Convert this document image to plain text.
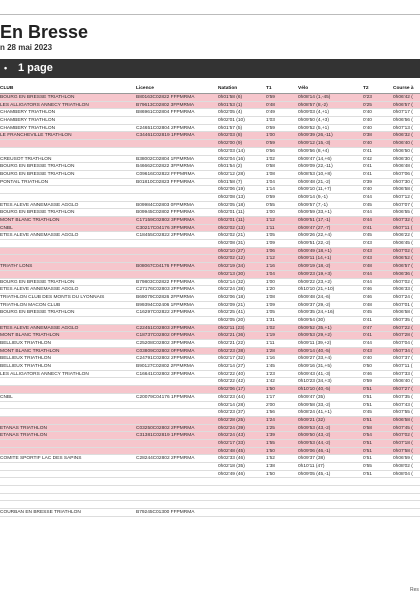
En Bresse
n 28 mai 2023
• 1 page
CLUB	Licence	Natation	T1	Vélo	T2	Course à
BOURG EN BRESSE TRIATHLON	B80163C02822 FFPMRMA	0h01'58 (6)	0'59	0h08'14 (1,-45)	0'23	0h06'42 (
LES ALLIGATORS ANNECY TRIATHLON	B79613C02802 3FPMRMA	0h01'53 (1)	0'48	0h08'57 (8,-2)	0'25	0h06'57 (
CHAMBERY TRIATHLON	B86961C02804 FFPMRMA	0h02'05 (4)	0'49	0h09'03 (4,+1)	0'40	0h07'17 (
CHAMBERY TRIATHLON	0h02'01 (10)	1'03	0h09'50 (4,+3)	0'40	0h06'56 (
CHAMBERY TRIATHLON	C24651C02804 2FPMRMA	0h01'57 (5)	0'59	0h09'52 (5,+1)	0'40	0h07'13 (
LE FRANCHEVILLE TRIATHLON	C34461C02819 1FPMRMA	0h02'03 (8)	1'00	0h09'39 (26,-11)	0'38	0h06'32 (
0h02'00 (9)	0'59	0h09'12 (15,-3)	0'40	0h06'40 (
0h02'03 (14)	0'56	0h09'56 (8,+4)	0'41	0h06'50 (
CREUSOT TRIATHLON	B38002C02804 1FPMRMA	0h02'04 (16)	1'02	0h09'47 (14,+6)	0'42	0h06'30 (
BOURG EN BRESSE TRIATHLON	B46662C02822 3FPMRMA	0h01'54 (2)	0'58	0h09'09 (22,-11)	0'41	0h06'48 (
BOURG EN BRESSE TRIATHLON	C09616C02822 FFPMRMA	0h02'12 (28)	1'08	0h08'53 (10,+8)	0'41	0h07'06 (
PONTAIL TRIATHLON	B01810C02823 FFPMRMA	0h01'58 (7)	1'04	0h09'48 (21,-2)	0'39	0h07'30 (
0h02'06 (19)	1'14	0h09'10 (11,+7)	0'40	0h06'58 (
0h02'08 (13)	0'59	0h09'14 (9,-1)	0'44	0h07'12 (
ETES ALEVE ANNEMASSE AGGLO	B09984C02803 0FPMRMA	0h02'05 (18)	0'55	0h09'57 (7,-1)	0'45	0h07'07 (
BOURG EN BRESSE TRIATHLON	B09945C02802 FFPMRMA	0h02'01 (11)	1'00	0h09'59 (33,+1)	0'44	0h06'55 (
MONT BLANC TRIATHLON	C17159C02802 3FPMRMA	0h02'01 (11)	1'12	0h09'51 (17,-1)	0'44	0h07'32 (
CNBL	C30217C04176 3FPMRMA	0h02'02 (13)	1'11	0h09'47 (27,-7)	0'41	0h07'11 (
ETES ALEVE ANNEMASSE AGGLO	C18455C02822 2FPMRMA	0h02'02 (21)	1'05	0h09'26 (22,+4)	0'45	0h06'22 (
0h02'08 (31)	1'09	0h09'51 (22,-2)	0'43	0h06'45 (
0h02'10 (27)	1'06	0h09'49 (18,+1)	0'43	0h07'02 (
0h02'02 (12)	1'12	0h09'11 (14,+1)	0'43	0h06'52 (
TRIATH' LONS	B08067C04176 FFPMRMA	0h02'19 (34)	1'16	0h09'19 (18,-2)	0'48	0h06'57 (
0h02'13 (30)	1'04	0h09'23 (19,+3)	0'44	0h06'36 (
BOURG EN BRESSE TRIATHLON	B79803C02822 FFPMRMA	0h02'14 (32)	1'00	0h09'22 (23,+2)	0'44	0h07'02 (
ETES ALEVE ANNEMASSE AGGLO	C27176C02803 2FPMRMA	0h02'24 (38)	1'20	0h10'10 (21,+10)	0'46	0h06'33 (
TRIATHLON CLUB DES MONTS DU LYONNAIS	B69079C02826 2FPMRMA	0h02'06 (18)	1'08	0h09'48 (24,-6)	0'46	0h07'24 (
TRIATHLON MACON CLUB	B99394C02406 1FPMRMA	0h02'09 (21)	1'09	0h09'37 (29,-2)	0'48	0h07'01 (
BOURG EN BRESSE TRIATHLON	C16297C02822 2FPMRMA	0h02'25 (41)	1'05	0h09'35 (24,+16)	0'45	0h06'58 (
0h02'05 (20)	1'31	0h09'54 (30)	0'41	0h07'35 (
ETES ALEVE ANNEMASSE AGGLO	C22451C02803 2FPMRMA	0h02'11 (23)	1'02	0h09'52 (35,+1)	0'47	0h07'22 (
MONT BLANC TRIATHLON	C18737C02802 0FPMRMA	0h02'21 (36)	1'19	0h09'53 (29,+2)	0'41	0h07'28 (
BELLIEUX TRIATHLON	C25208C02802 3FPMRMA	0h02'21 (22)	1'11	0h09'11 (39,+2)	0'44	0h07'04 (
MONT BLANC TRIATHLON	C03809C02802 0FPMRMA	0h02'23 (38)	1'28	0h09'14 (40,-5)	0'43	0h07'34 (
BELLIEUX TRIATHLON	C24791C02802 2FPMRMA	0h02'17 (32)	1'16	0h09'27 (33,+4)	0'40	0h07'37 (
BELLIEUX TRIATHLON	B90127C02802 2FPMRMA	0h02'14 (27)	1'45	0h09'16 (31,+5)	0'50	0h07'11 (
LES ALLIGATORS ANNECY TRIATHLON	C16641C02802 3FPMRMA	0h02'22 (40)	1'23	0h09'43 (41,-3)	0'46	0h07'33 (
0h02'22 (42)	1'42	0h10'23 (34,+3)	0'59	0h06'40 (
0h02'06 (17)	1'50	0h10'10 (40,-5)	0'51	0h07'27 (
CNBL	C20079C04176 1FPMRMA	0h02'23 (44)	1'17	0h09'47 (35)	0'51	0h07'35 (
0h02'14 (28)	2'00	0h09'58 (33,-2)	0'51	0h07'43 (
0h02'23 (37)	1'56	0h08'24 (41,+1)	0'45	0h07'55 (
0h02'28 (25)	1'24	0h09'21 (32)	0'51	0h06'58 (
ETANAS TRIATHLON	C03250C02802 2FPMRMA	0h02'24 (39)	1'25	0h09'53 (43,-2)	0'58	0h07'45 (
ETANAS TRIATHLON	C31381C02819 1FPMRMA	0h02'24 (43)	1'39	0h09'50 (43,-2)	0'54	0h07'02 (
0h02'17 (33)	1'55	0h09'53 (44,-2)	0'51	0h07'18 (
0h02'48 (45)	1'50	0h09'06 (46,-1)	0'51	0h07'58 (
COMITE SPORTIF LAC DES SAPINS	C28244C02802 2FPMRMA	0h02'33 (46)	1'52	0h09'37 (38)	0'51	0h06'59 (
0h02'18 (35)	1'38	0h10'11 (47)	0'55	0h08'02 (
0h02'49 (46)	1'50	0h09'05 (45,-1)	0'51	0h08'04 (
COURBAN EN BRESSE TRIATHLON	B79245C01300 FFPMRMA
Res
